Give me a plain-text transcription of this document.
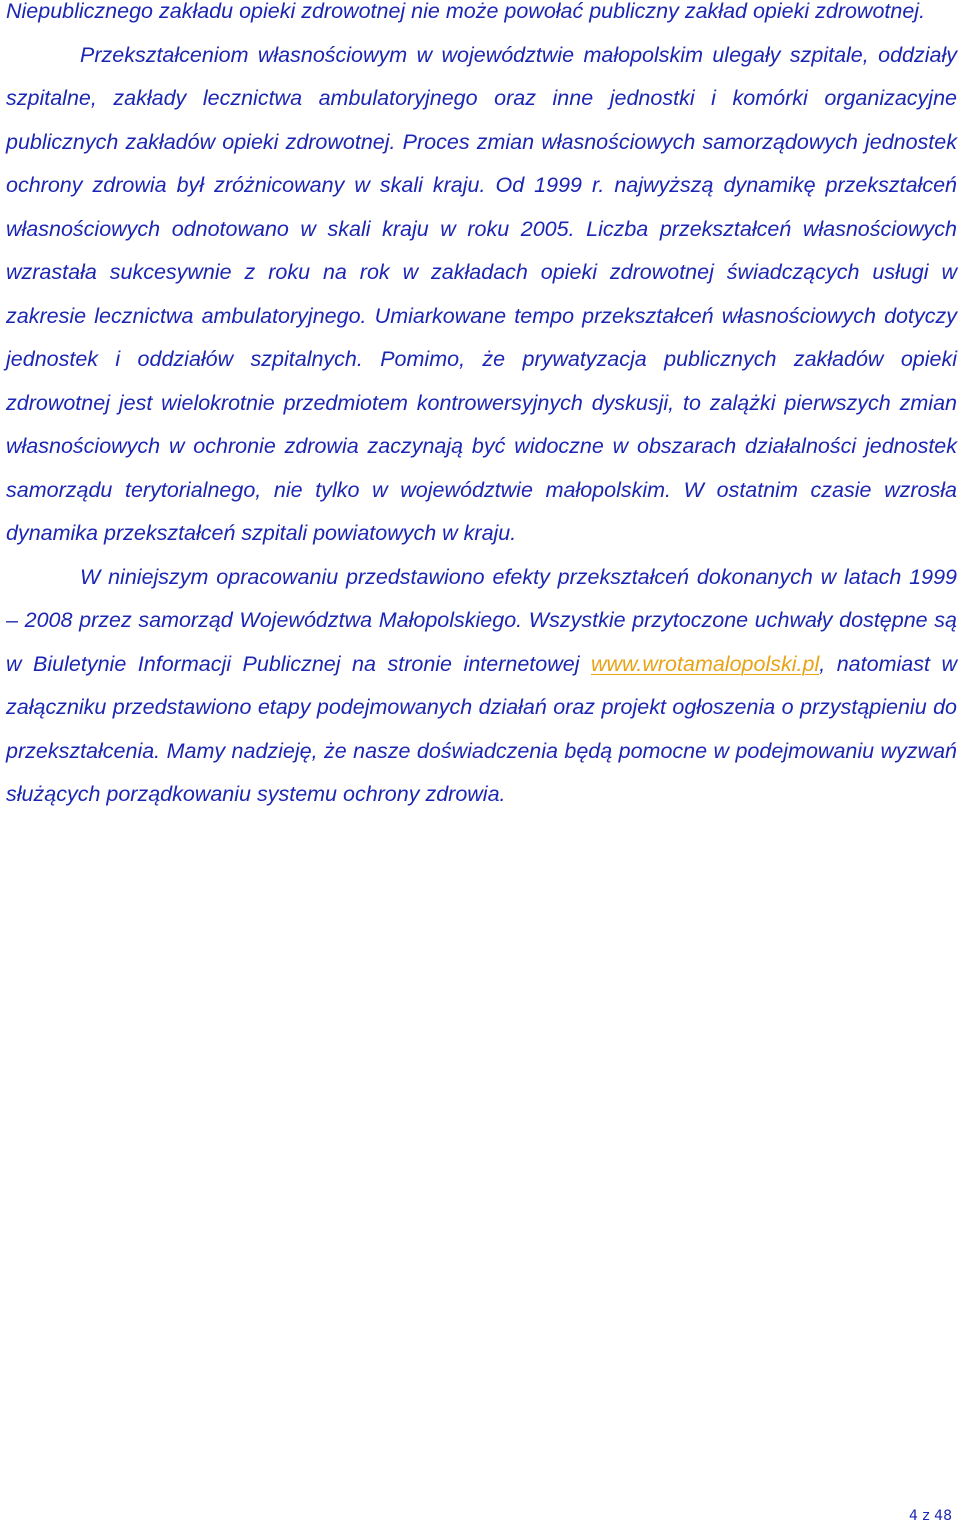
Niepublicznego zakładu opieki zdrowotnej nie może powołać publiczny zakład opieki zdrowotnej.

Przekształceniom własnościowym w województwie małopolskim ulegały szpitale, oddziały szpitalne, zakłady lecznictwa ambulatoryjnego oraz inne jednostki i komórki organizacyjne publicznych zakładów opieki zdrowotnej. Proces zmian własnościowych samorządowych jednostek ochrony zdrowia był zróżnicowany w skali kraju. Od 1999 r. najwyższą dynamikę przekształceń własnościowych odnotowano w skali kraju w roku 2005. Liczba przekształceń własnościowych wzrastała sukcesywnie z roku na rok w zakładach opieki zdrowotnej świadczących usługi w zakresie lecznictwa ambulatoryjnego. Umiarkowane tempo przekształceń własnościowych dotyczy jednostek i oddziałów szpitalnych. Pomimo, że prywatyzacja publicznych zakładów opieki zdrowotnej jest wielokrotnie przedmiotem kontrowersyjnych dyskusji, to zalążki pierwszych zmian własnościowych w ochronie zdrowia zaczynają być widoczne w obszarach działalności jednostek samorządu terytorialnego, nie tylko w województwie małopolskim. W ostatnim czasie wzrosła dynamika przekształceń szpitali powiatowych w kraju.

W niniejszym opracowaniu przedstawiono efekty przekształceń dokonanych w latach 1999 – 2008 przez samorząd Województwa Małopolskiego. Wszystkie przytoczone uchwały dostępne są w Biuletynie Informacji Publicznej na stronie internetowej www.wrotamalopolski.pl, natomiast w załączniku przedstawiono etapy podejmowanych działań oraz projekt ogłoszenia o przystąpieniu do przekształcenia. Mamy nadzieję, że nasze doświadczenia będą pomocne w podejmowaniu wyzwań służących porządkowaniu systemu ochrony zdrowia.

4 z 48
